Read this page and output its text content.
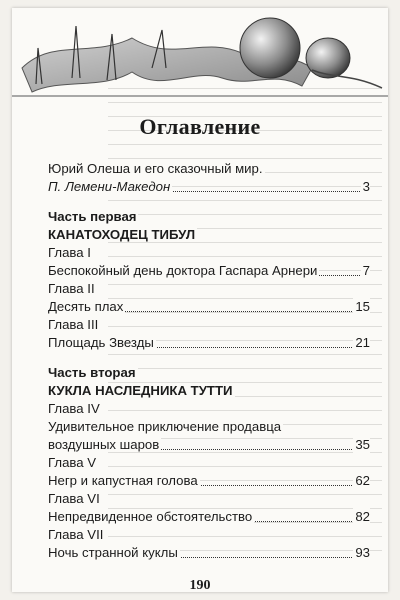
Оглавление
Юрий Олеша и его сказочный мир.
П. Лемени-Македон	3
Часть первая
КАНАТОХОДЕЦ ТИБУЛ
Глава I
Беспокойный день доктора Гаспара Арнери	7
Глава II
Десять плах	15
Глава III
Площадь Звезды	21
Часть вторая
КУКЛА НАСЛЕДНИКА ТУТТИ
Глава IV
Удивительное приключение продавца
воздушных шаров	35
Глава V
Негр и капустная голова	62
Глава VI
Непредвиденное обстоятельство	82
Глава VII
Ночь странной куклы	93
190
